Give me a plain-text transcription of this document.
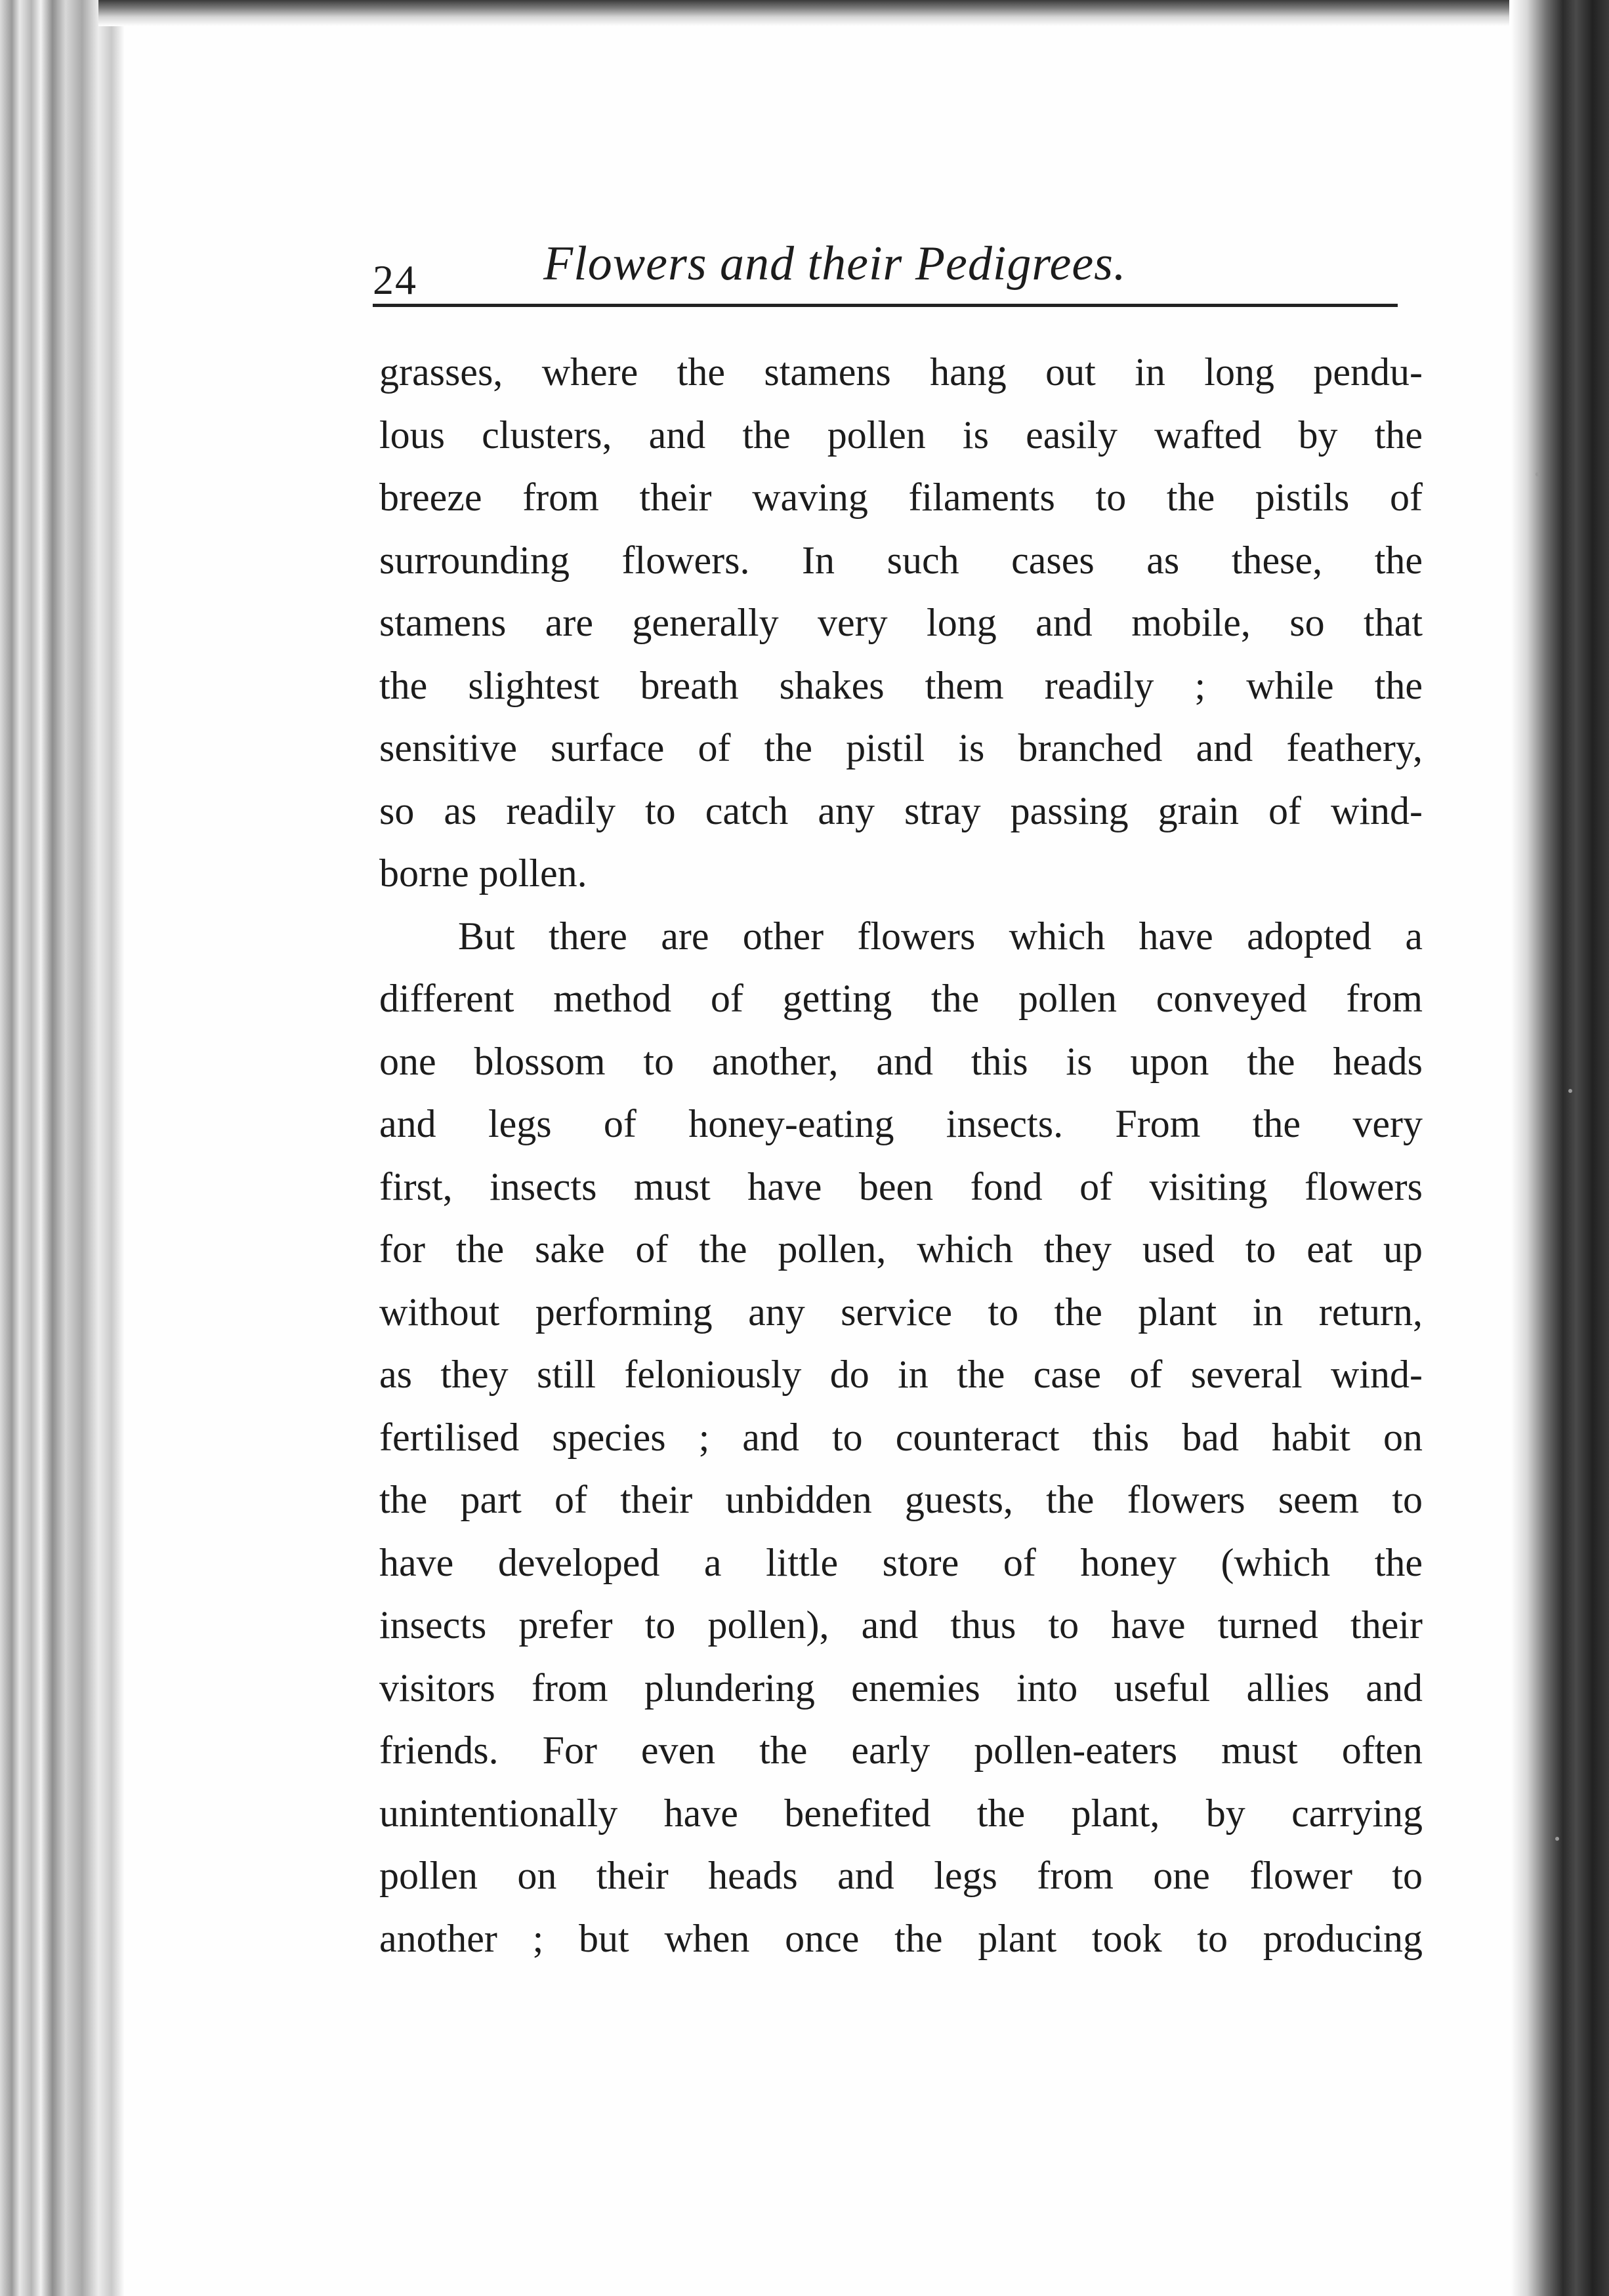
24	Flowers and their Pedigrees.
grasses, where the stamens hang out in long pendu-
lous clusters, and the pollen is easily wafted by the
breeze from their waving filaments to the pistils of
surrounding flowers. In such cases as these, the
stamens are generally very long and mobile, so that
the slightest breath shakes them readily ; while the
sensitive surface of the pistil is branched and feathery,
so as readily to catch any stray passing grain of wind-
borne pollen.
But there are other flowers which have adopted a
different method of getting the pollen conveyed from
one blossom to another, and this is upon the heads
and legs of honey-eating insects. From the very
first, insects must have been fond of visiting flowers
for the sake of the pollen, which they used to eat up
without performing any service to the plant in return,
as they still feloniously do in the case of several wind-
fertilised species ; and to counteract this bad habit on
the part of their unbidden guests, the flowers seem to
have developed a little store of honey (which the
insects prefer to pollen), and thus to have turned their
visitors from plundering enemies into useful allies and
friends. For even the early pollen-eaters must often
unintentionally have benefited the plant, by carrying
pollen on their heads and legs from one flower to
another ; but when once the plant took to producing
